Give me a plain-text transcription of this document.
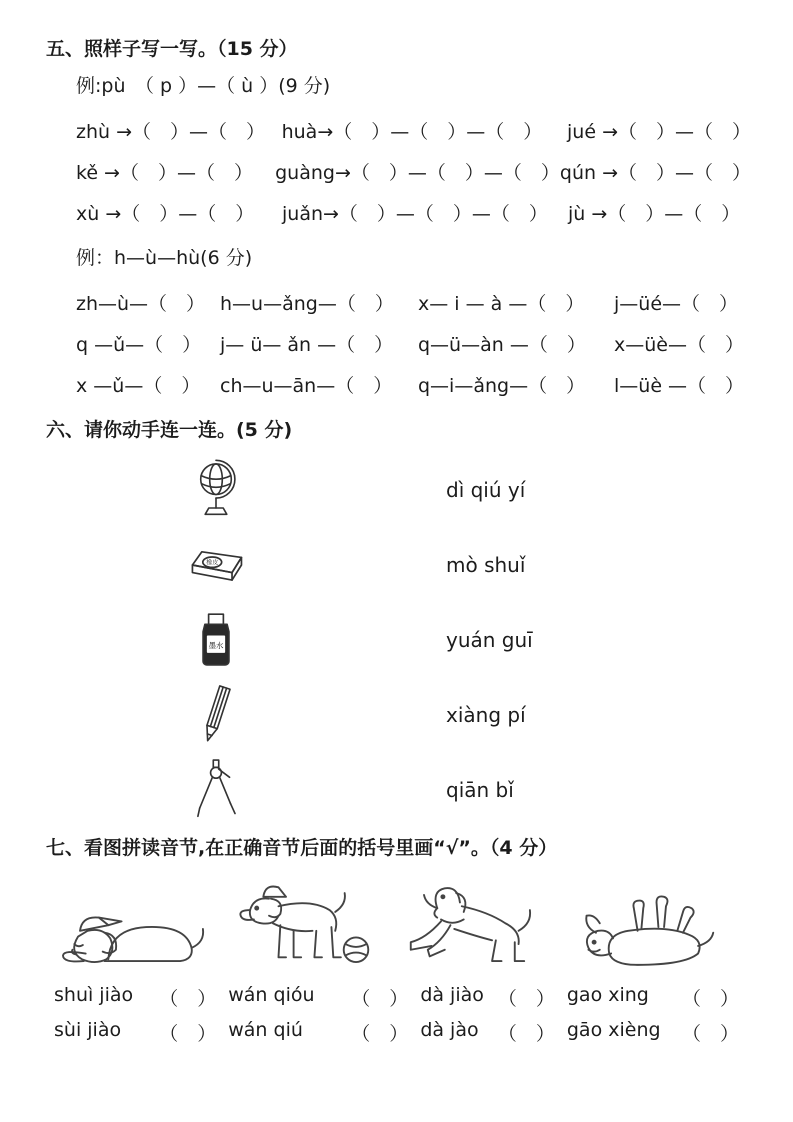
五、照样子写一写。（15 分）

例:pù　（ p ）—（ ù ）(9 分)

zhù →（　）—（　） huà→（　）—（　）—（　）	jué →（　）—（　）
kě →（　）—（　）	guàng→（　）—（　）—（　） qún →（　）—（　）
xù →（　）—（　）	juǎn→（　）—（　）—（　）	jù →（　）—（　）

例：h—ù—hù(6 分)

zh—ù—（　） h—u—ǎng—（　）	x— i — à —（　）	j—üé—（　）
q —ǔ—（　） j— ü— ǎn —（　）	q—ü—àn —（　）	x—üè—（　）
x —ǔ—（　）	ch—u—ān—（　）	q—i—ǎng—（　）	l—üè —（　）
六、请你动手连一连。(5 分)
橡皮
墨水
dì qiú yí
mò shuǐ
yuán guī
xiàng pí
qiān bǐ
七、看图拼读音节,在正确音节后面的括号里画“√”。（4 分）
shuì jiào （　） wán qióu （　） dà jiào （　） gao xing （　）
sùi jiào （　） wán qiú	（　） dà jào （　） gāo xièng （　）
